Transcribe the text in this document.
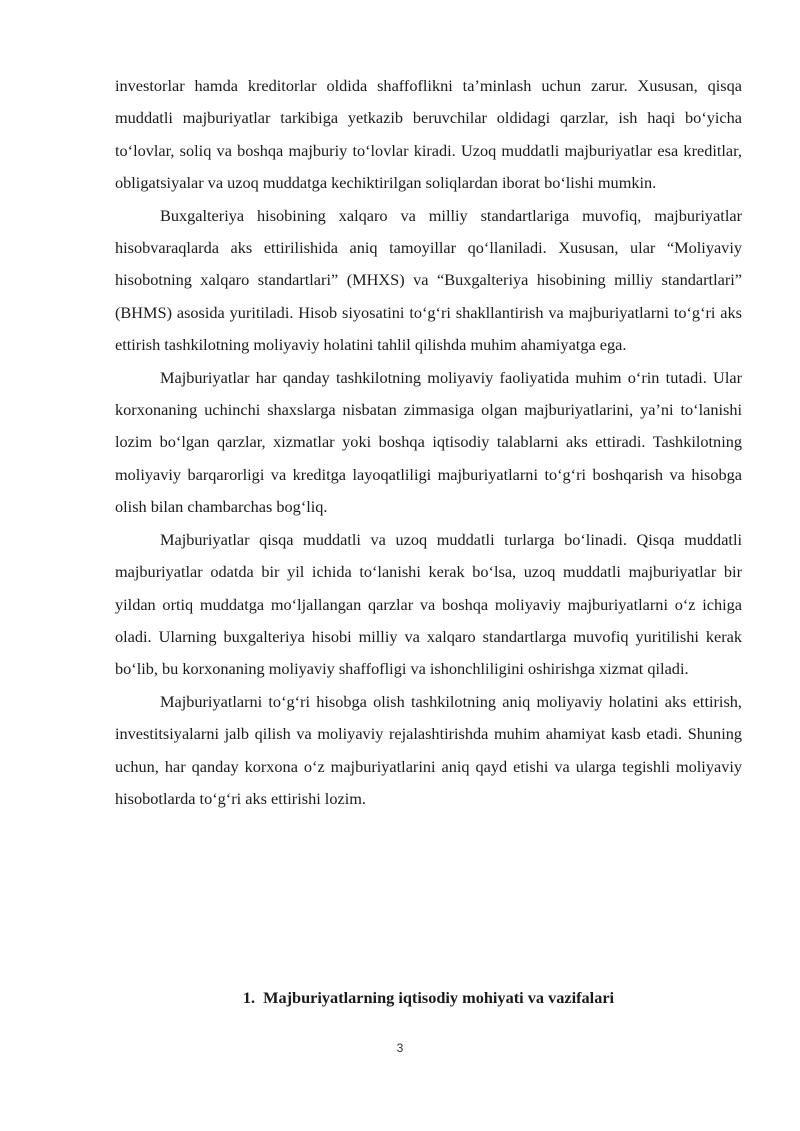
investorlar hamda kreditorlar oldida shaffoflikni ta’minlash uchun zarur. Xususan, qisqa muddatli majburiyatlar tarkibiga yetkazib beruvchilar oldidagi qarzlar, ish haqi bo‘yicha to‘lovlar, soliq va boshqa majburiy to‘lovlar kiradi. Uzoq muddatli majburiyatlar esa kreditlar, obligatsiyalar va uzoq muddatga kechiktirilgan soliqlardan iborat bo‘lishi mumkin.

Buxgalteriya hisobining xalqaro va milliy standartlariga muvofiq, majburiyatlar hisobvaraqlarda aks ettirilishida aniq tamoyillar qo‘llaniladi. Xususan, ular “Moliyaviy hisobotning xalqaro standartlari” (MHXS) va “Buxgalteriya hisobining milliy standartlari” (BHMS) asosida yuritiladi. Hisob siyosatini to‘g‘ri shakllantirish va majburiyatlarni to‘g‘ri aks ettirish tashkilotning moliyaviy holatini tahlil qilishda muhim ahamiyatga ega.

Majburiyatlar har qanday tashkilotning moliyaviy faoliyatida muhim o‘rin tutadi. Ular korxonaning uchinchi shaxslarga nisbatan zimmasiga olgan majburiyatlarini, ya’ni to‘lanishi lozim bo‘lgan qarzlar, xizmatlar yoki boshqa iqtisodiy talablarni aks ettiradi. Tashkilotning moliyaviy barqarorligi va kreditga layoqatliligi majburiyatlarni to‘g‘ri boshqarish va hisobga olish bilan chambarchas bog‘liq.

Majburiyatlar qisqa muddatli va uzoq muddatli turlarga bo‘linadi. Qisqa muddatli majburiyatlar odatda bir yil ichida to‘lanishi kerak bo‘lsa, uzoq muddatli majburiyatlar bir yildan ortiq muddatga mo‘ljallangan qarzlar va boshqa moliyaviy majburiyatlarni o‘z ichiga oladi. Ularning buxgalteriya hisobi milliy va xalqaro standartlarga muvofiq yuritilishi kerak bo‘lib, bu korxonaning moliyaviy shaffofligi va ishonchliligini oshirishga xizmat qiladi.

Majburiyatlarni to‘g‘ri hisobga olish tashkilotning aniq moliyaviy holatini aks ettirish, investitsiyalarni jalb qilish va moliyaviy rejalashtirishda muhim ahamiyat kasb etadi. Shuning uchun, har qanday korxona o‘z majburiyatlarini aniq qayd etishi va ularga tegishli moliyaviy hisobotlarda to‘g‘ri aks ettirishi lozim.

1. Majburiyatlarning iqtisodiy mohiyati va vazifalari
3
